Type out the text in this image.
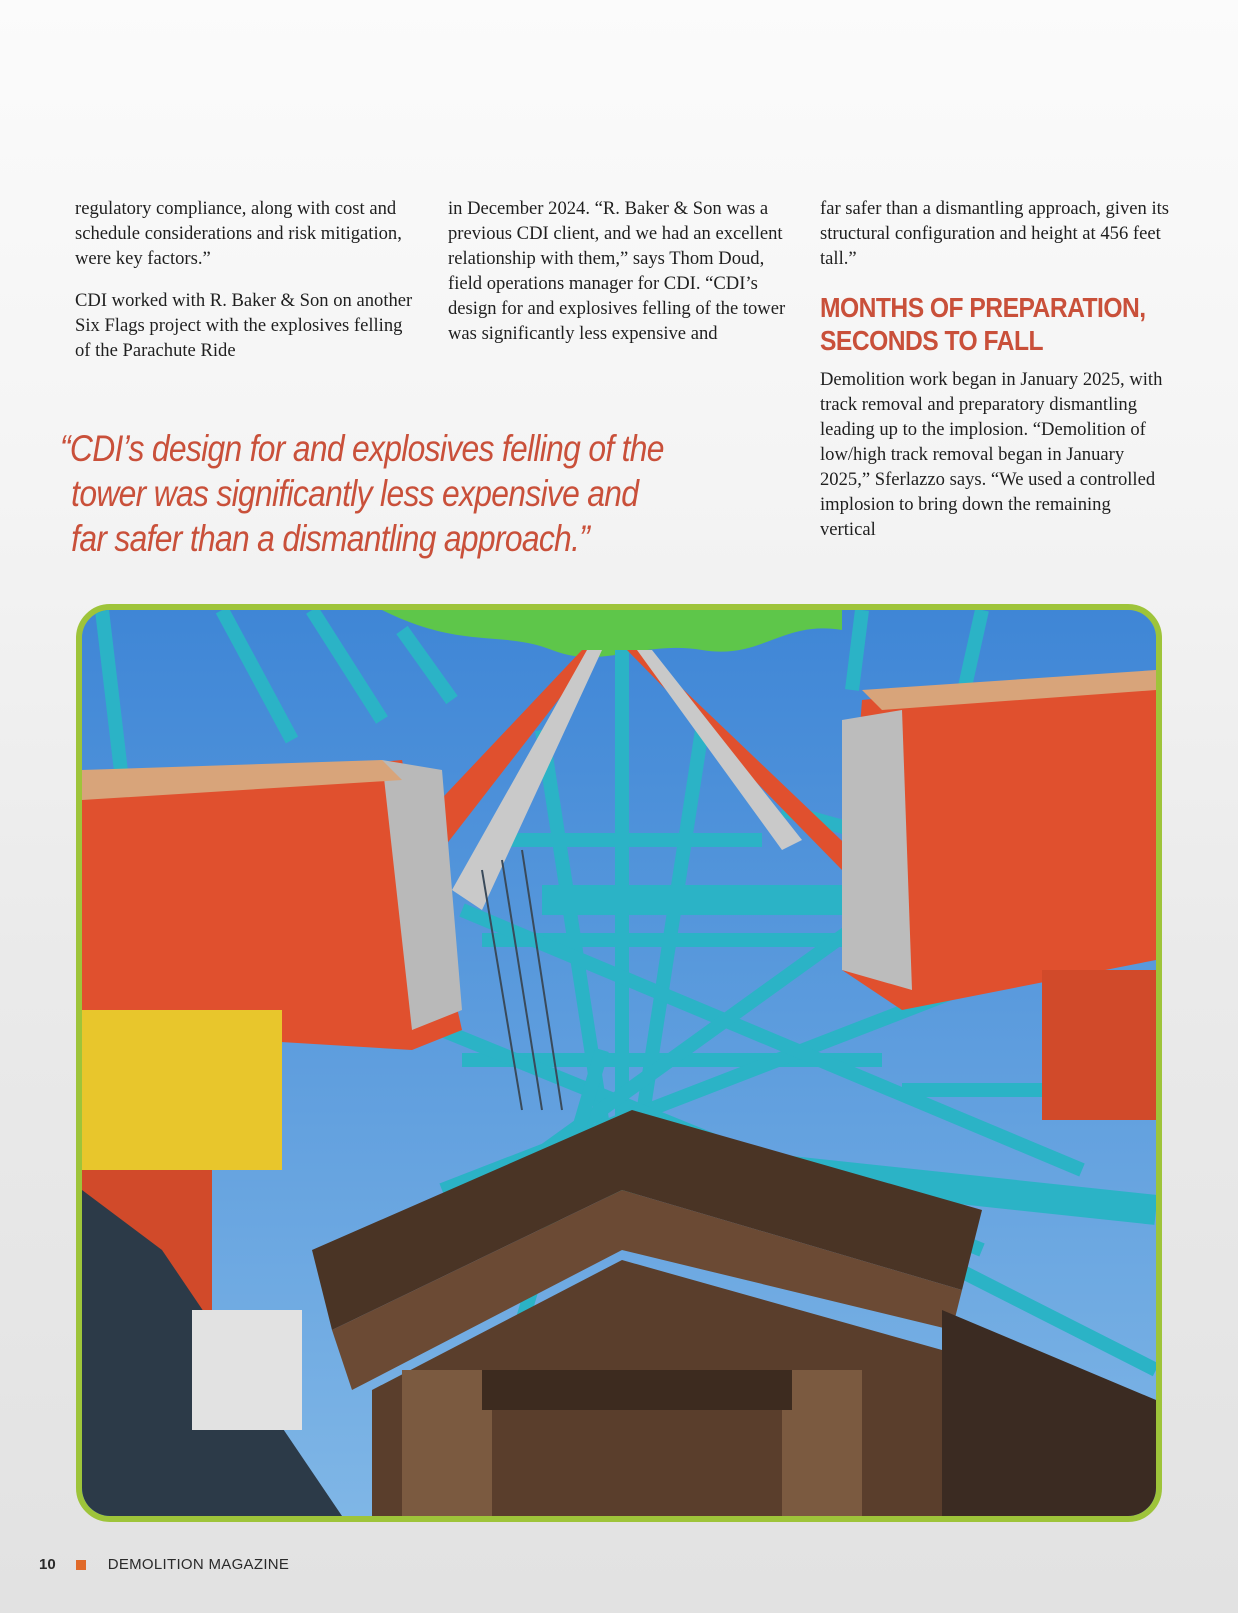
regulatory compliance, along with cost and schedule considerations and risk mitigation, were key factors.”

CDI worked with R. Baker & Son on another Six Flags project with the explosives felling of the Parachute Ride

in December 2024. “R. Baker & Son was a previous CDI client, and we had an excellent relationship with them,” says Thom Doud, field operations manager for CDI. “CDI’s design for and explosives felling of the tower was significantly less expensive and

far safer than a dismantling approach, given its structural configuration and height at 456 feet tall.”

MONTHS OF PREPARATION,
SECONDS TO FALL

Demolition work began in January 2025, with track removal and preparatory dismantling leading up to the implosion. “Demolition of low/high track removal began in January 2025,” Sferlazzo says. “We used a controlled implosion to bring down the remaining vertical

“CDI’s design for and explosives felling of the
tower was significantly less expensive and
far safer than a dismantling approach.”
10	DEMOLITION MAGAZINE
